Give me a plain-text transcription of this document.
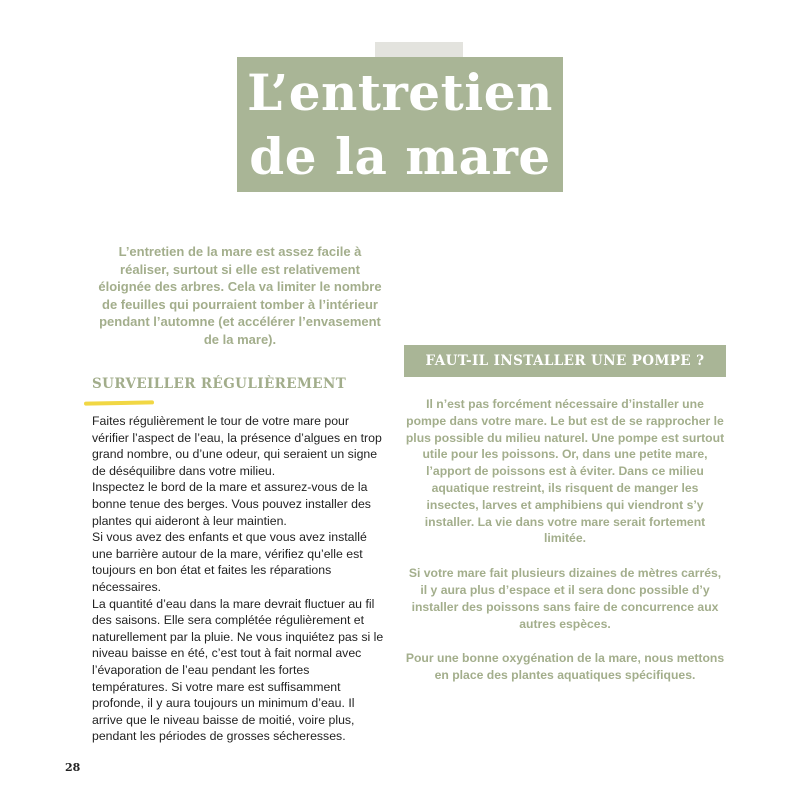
L’entretien
de la mare
L’entretien de la mare est assez facile à réaliser, surtout si elle est relativement éloignée des arbres. Cela va limiter le nombre de feuilles qui pourraient tomber à l’intérieur pendant l’automne (et accélérer l’envasement de la mare).
SURVEILLER RÉGULIÈREMENT

Faites régulièrement le tour de votre mare pour vérifier l’aspect de l’eau, la présence d’algues en trop grand nombre, ou d’une odeur, qui seraient un signe de déséquilibre dans votre milieu.

Inspectez le bord de la mare et assurez-vous de la bonne tenue des berges. Vous pouvez installer des plantes qui aideront à leur maintien.

Si vous avez des enfants et que vous avez installé une barrière autour de la mare, vérifiez qu’elle est toujours en bon état et faites les réparations nécessaires.

La quantité d’eau dans la mare devrait fluctuer au fil des saisons. Elle sera complétée régulièrement et naturellement par la pluie. Ne vous inquiétez pas si le niveau baisse en été, c’est tout à fait normal avec l’évaporation de l’eau pendant les fortes températures. Si votre mare est suffisamment profonde, il y aura toujours un minimum d’eau. Il arrive que le niveau baisse de moitié, voire plus, pendant les périodes de grosses sécheresses.

FAUT-IL INSTALLER UNE POMPE ?

Il n’est pas forcément nécessaire d’installer une pompe dans votre mare. Le but est de se rapprocher le plus possible du milieu naturel. Une pompe est surtout utile pour les poissons. Or, dans une petite mare, l’apport de poissons est à éviter. Dans ce milieu aquatique restreint, ils risquent de manger les insectes, larves et amphibiens qui viendront s’y installer. La vie dans votre mare serait fortement limitée.

Si votre mare fait plusieurs dizaines de mètres carrés, il y aura plus d’espace et il sera donc possible d’y installer des poissons sans faire de concurrence aux autres espèces.

Pour une bonne oxygénation de la mare, nous mettons en place des plantes aquatiques spécifiques.

28
